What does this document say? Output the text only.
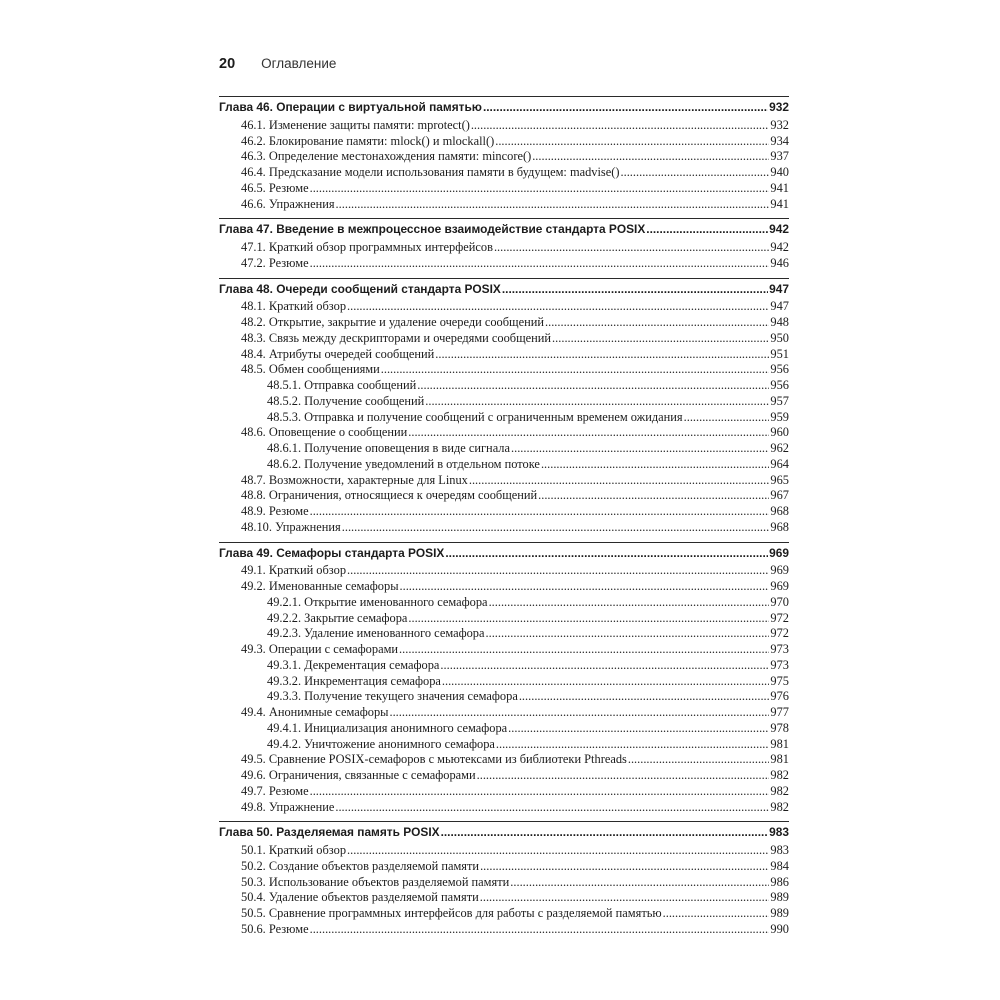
20 Оглавление
Глава 46. Операции с виртуальной памятью .....	932
46.1. Изменение защиты памяти: mprotect() .....	932
46.2. Блокирование памяти: mlock() и mlockall() .....	934
46.3. Определение местонахождения памяти: mincore() .....	937
46.4. Предсказание модели использования памяти в будущем: madvise() .....	940
46.5. Резюме .....	941
46.6. Упражнения .....	941
Глава 47. Введение в межпроцессное взаимодействие стандарта POSIX .....	942
47.1. Краткий обзор программных интерфейсов .....	942
47.2. Резюме .....	946
Глава 48. Очереди сообщений стандарта POSIX .....	947
48.1. Краткий обзор .....	947
48.2. Открытие, закрытие и удаление очереди сообщений .....	948
48.3. Связь между дескрипторами и очередями сообщений .....	950
48.4. Атрибуты очередей сообщений .....	951
48.5. Обмен сообщениями .....	956
48.5.1. Отправка сообщений .....	956
48.5.2. Получение сообщений .....	957
48.5.3. Отправка и получение сообщений с ограниченным временем ожидания .....	959
48.6. Оповещение о сообщении .....	960
48.6.1. Получение оповещения в виде сигнала .....	962
48.6.2. Получение уведомлений в отдельном потоке .....	964
48.7. Возможности, характерные для Linux .....	965
48.8. Ограничения, относящиеся к очередям сообщений .....	967
48.9. Резюме .....	968
48.10. Упражнения .....	968
Глава 49. Семафоры стандарта POSIX .....	969
49.1. Краткий обзор .....	969
49.2. Именованные семафоры .....	969
49.2.1. Открытие именованного семафора .....	970
49.2.2. Закрытие семафора .....	972
49.2.3. Удаление именованного семафора .....	972
49.3. Операции с семафорами .....	973
49.3.1. Декрементация семафора .....	973
49.3.2. Инкрементация семафора .....	975
49.3.3. Получение текущего значения семафора .....	976
49.4. Анонимные семафоры .....	977
49.4.1. Инициализация анонимного семафора .....	978
49.4.2. Уничтожение анонимного семафора .....	981
49.5. Сравнение POSIX-семафоров с мьютексами из библиотеки Pthreads .....	981
49.6. Ограничения, связанные с семафорами .....	982
49.7. Резюме .....	982
49.8. Упражнение .....	982
Глава 50. Разделяемая память POSIX .....	983
50.1. Краткий обзор .....	983
50.2. Создание объектов разделяемой памяти .....	984
50.3. Использование объектов разделяемой памяти .....	986
50.4. Удаление объектов разделяемой памяти .....	989
50.5. Сравнение программных интерфейсов для работы с разделяемой памятью .....	989
50.6. Резюме .....	990
